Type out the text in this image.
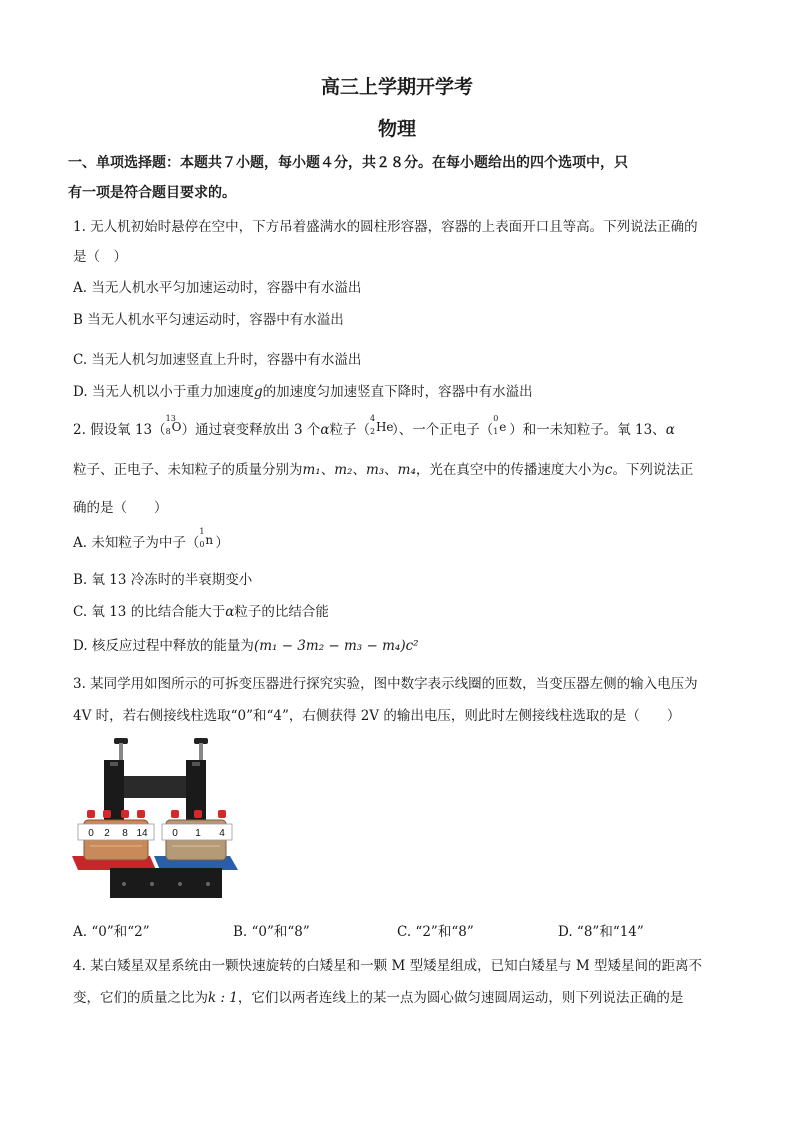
高三上学期开学考
物理
一、单项选择题：本题共７小题，每小题４分，共２８分。在每小题给出的四个选项中，只
有一项是符合题目要求的。
1. 无人机初始时悬停在空中，下方吊着盛满水的圆柱形容器，容器的上表面开口且等高。下列说法正确的
是（　）
A. 当无人机水平匀加速运动时，容器中有水溢出
B 当无人机水平匀速运动时，容器中有水溢出
C. 当无人机匀加速竖直上升时，容器中有水溢出
D. 当无人机以小于重力加速度g的加速度匀加速竖直下降时，容器中有水溢出
2. 假设氧 13（
13
8 O ）通过衰变释放出 3 个α粒子（
4
2 He
）、一个正电子（
0
1 e ）和一未知粒子。氧 13、α
粒子、正电子、未知粒子的质量分别为m₁、m₂、m₃、m₄，光在真空中的传播速度大小为c。下列说法正
确的是（　　）
A. 未知粒子为中子（
1
0 n ）
B. 氧 13 冷冻时的半衰期变小
C. 氧 13 的比结合能大于α粒子的比结合能
D. 核反应过程中释放的能量为(m₁ − 3m₂ − m₃ − m₄)c²
3. 某同学用如图所示的可拆变压器进行探究实验，图中数字表示线圈的匝数，当变压器左侧的输入电压为
4V 时，若右侧接线柱选取“0”和“4”，右侧获得 2V 的输出电压，则此时左侧接线柱选取的是（　　）
0 2 8 14 0 1 4
A. “0”和“2”	B. “0”和“8”	C. “2”和“8”	D. “8”和“14”
4. 某白矮星双星系统由一颗快速旋转的白矮星和一颗 M 型矮星组成，已知白矮星与 M 型矮星间的距离不
变，它们的质量之比为k : 1，它们以两者连线上的某一点为圆心做匀速圆周运动，则下列说法正确的是
